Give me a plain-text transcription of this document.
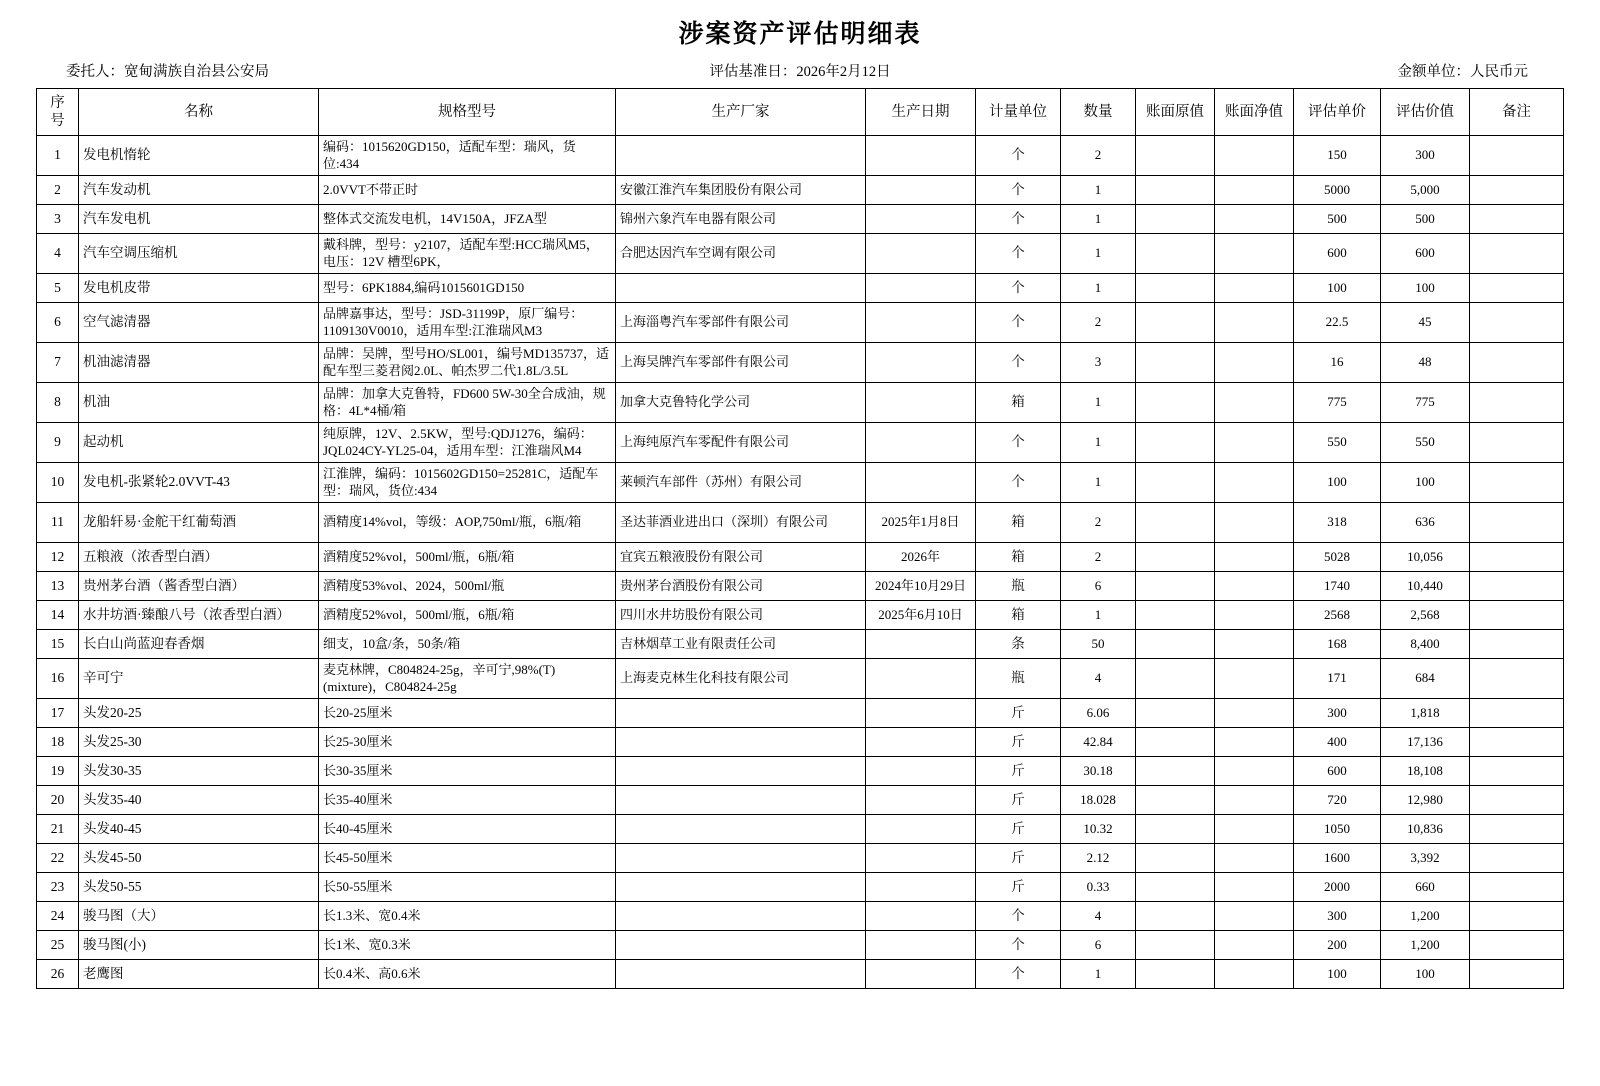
涉案资产评估明细表
委托人：宽甸满族自治县公安局	评估基准日：2026年2月12日	金额单位：人民币元
序
号	名称	规格型号	生产厂家	生产日期	计量单位	数量	账面原值	账面净值	评估单价	评估价值	备注
1	发电机惰轮	编码：1015620GD150，适配车型：瑞风，货位:434			个	2			150	300	
2	汽车发动机	2.0VVT不带正时	安徽江淮汽车集团股份有限公司		个	1			5000	5,000	
3	汽车发电机	整体式交流发电机，14V150A，JFZA型	锦州六象汽车电器有限公司		个	1			500	500	
4	汽车空调压缩机	戴科牌，型号：y2107，适配车型:HCC瑞风M5，电压：12V 槽型6PK，	合肥达因汽车空调有限公司		个	1			600	600	
5	发电机皮带	型号：6PK1884,编码1015601GD150			个	1			100	100	
6	空气滤清器	品牌嘉事达，型号：JSD-31199P，原厂编号：1109130V0010，适用车型:江淮瑞风M3	上海淄粤汽车零部件有限公司		个	2			22.5	45	
7	机油滤清器	品牌：吴牌，型号HO/SL001，编号MD135737，适配车型三菱君阅2.0L、帕杰罗二代1.8L/3.5L	上海吴牌汽车零部件有限公司		个	3			16	48	
8	机油	品牌：加拿大克鲁特，FD600 5W-30全合成油，规格：4L*4桶/箱	加拿大克鲁特化学公司		箱	1			775	775	
9	起动机	纯原牌，12V、2.5KW，型号:QDJ1276，编码：JQL024CY-YL25-04，适用车型：江淮瑞风M4	上海纯原汽车零配件有限公司		个	1			550	550	
10	发电机-张紧轮2.0VVT-43	江淮牌，编码：1015602GD150=25281C，适配车型：瑞风，货位:434	莱顿汽车部件（苏州）有限公司		个	1			100	100	
11	龙船轩易·金舵干红葡萄酒	酒精度14%vol，等级：AOP,750ml/瓶，6瓶/箱	圣达菲酒业进出口（深圳）有限公司	2025年1月8日	箱	2			318	636	
12	五粮液（浓香型白酒）	酒精度52%vol，500ml/瓶，6瓶/箱	宜宾五粮液股份有限公司	2026年	箱	2			5028	10,056	
13	贵州茅台酒（酱香型白酒）	酒精度53%vol、2024，500ml/瓶	贵州茅台酒股份有限公司	2024年10月29日	瓶	6			1740	10,440	
14	水井坊酒·臻酿八号（浓香型白酒）	酒精度52%vol，500ml/瓶，6瓶/箱	四川水井坊股份有限公司	2025年6月10日	箱	1			2568	2,568	
15	长白山尚蓝迎春香烟	细支，10盒/条，50条/箱	吉林烟草工业有限责任公司		条	50			168	8,400	
16	辛可宁	麦克林牌，C804824-25g，辛可宁,98%(T)(mixture)，C804824-25g	上海麦克林生化科技有限公司		瓶	4			171	684	
17	头发20-25	长20-25厘米			斤	6.06			300	1,818	
18	头发25-30	长25-30厘米			斤	42.84			400	17,136	
19	头发30-35	长30-35厘米			斤	30.18			600	18,108	
20	头发35-40	长35-40厘米			斤	18.028			720	12,980	
21	头发40-45	长40-45厘米			斤	10.32			1050	10,836	
22	头发45-50	长45-50厘米			斤	2.12			1600	3,392	
23	头发50-55	长50-55厘米			斤	0.33			2000	660	
24	骏马图（大）	长1.3米、宽0.4米			个	4			300	1,200	
25	骏马图(小)	长1米、宽0.3米			个	6			200	1,200	
26	老鹰图	长0.4米、高0.6米			个	1			100	100	
